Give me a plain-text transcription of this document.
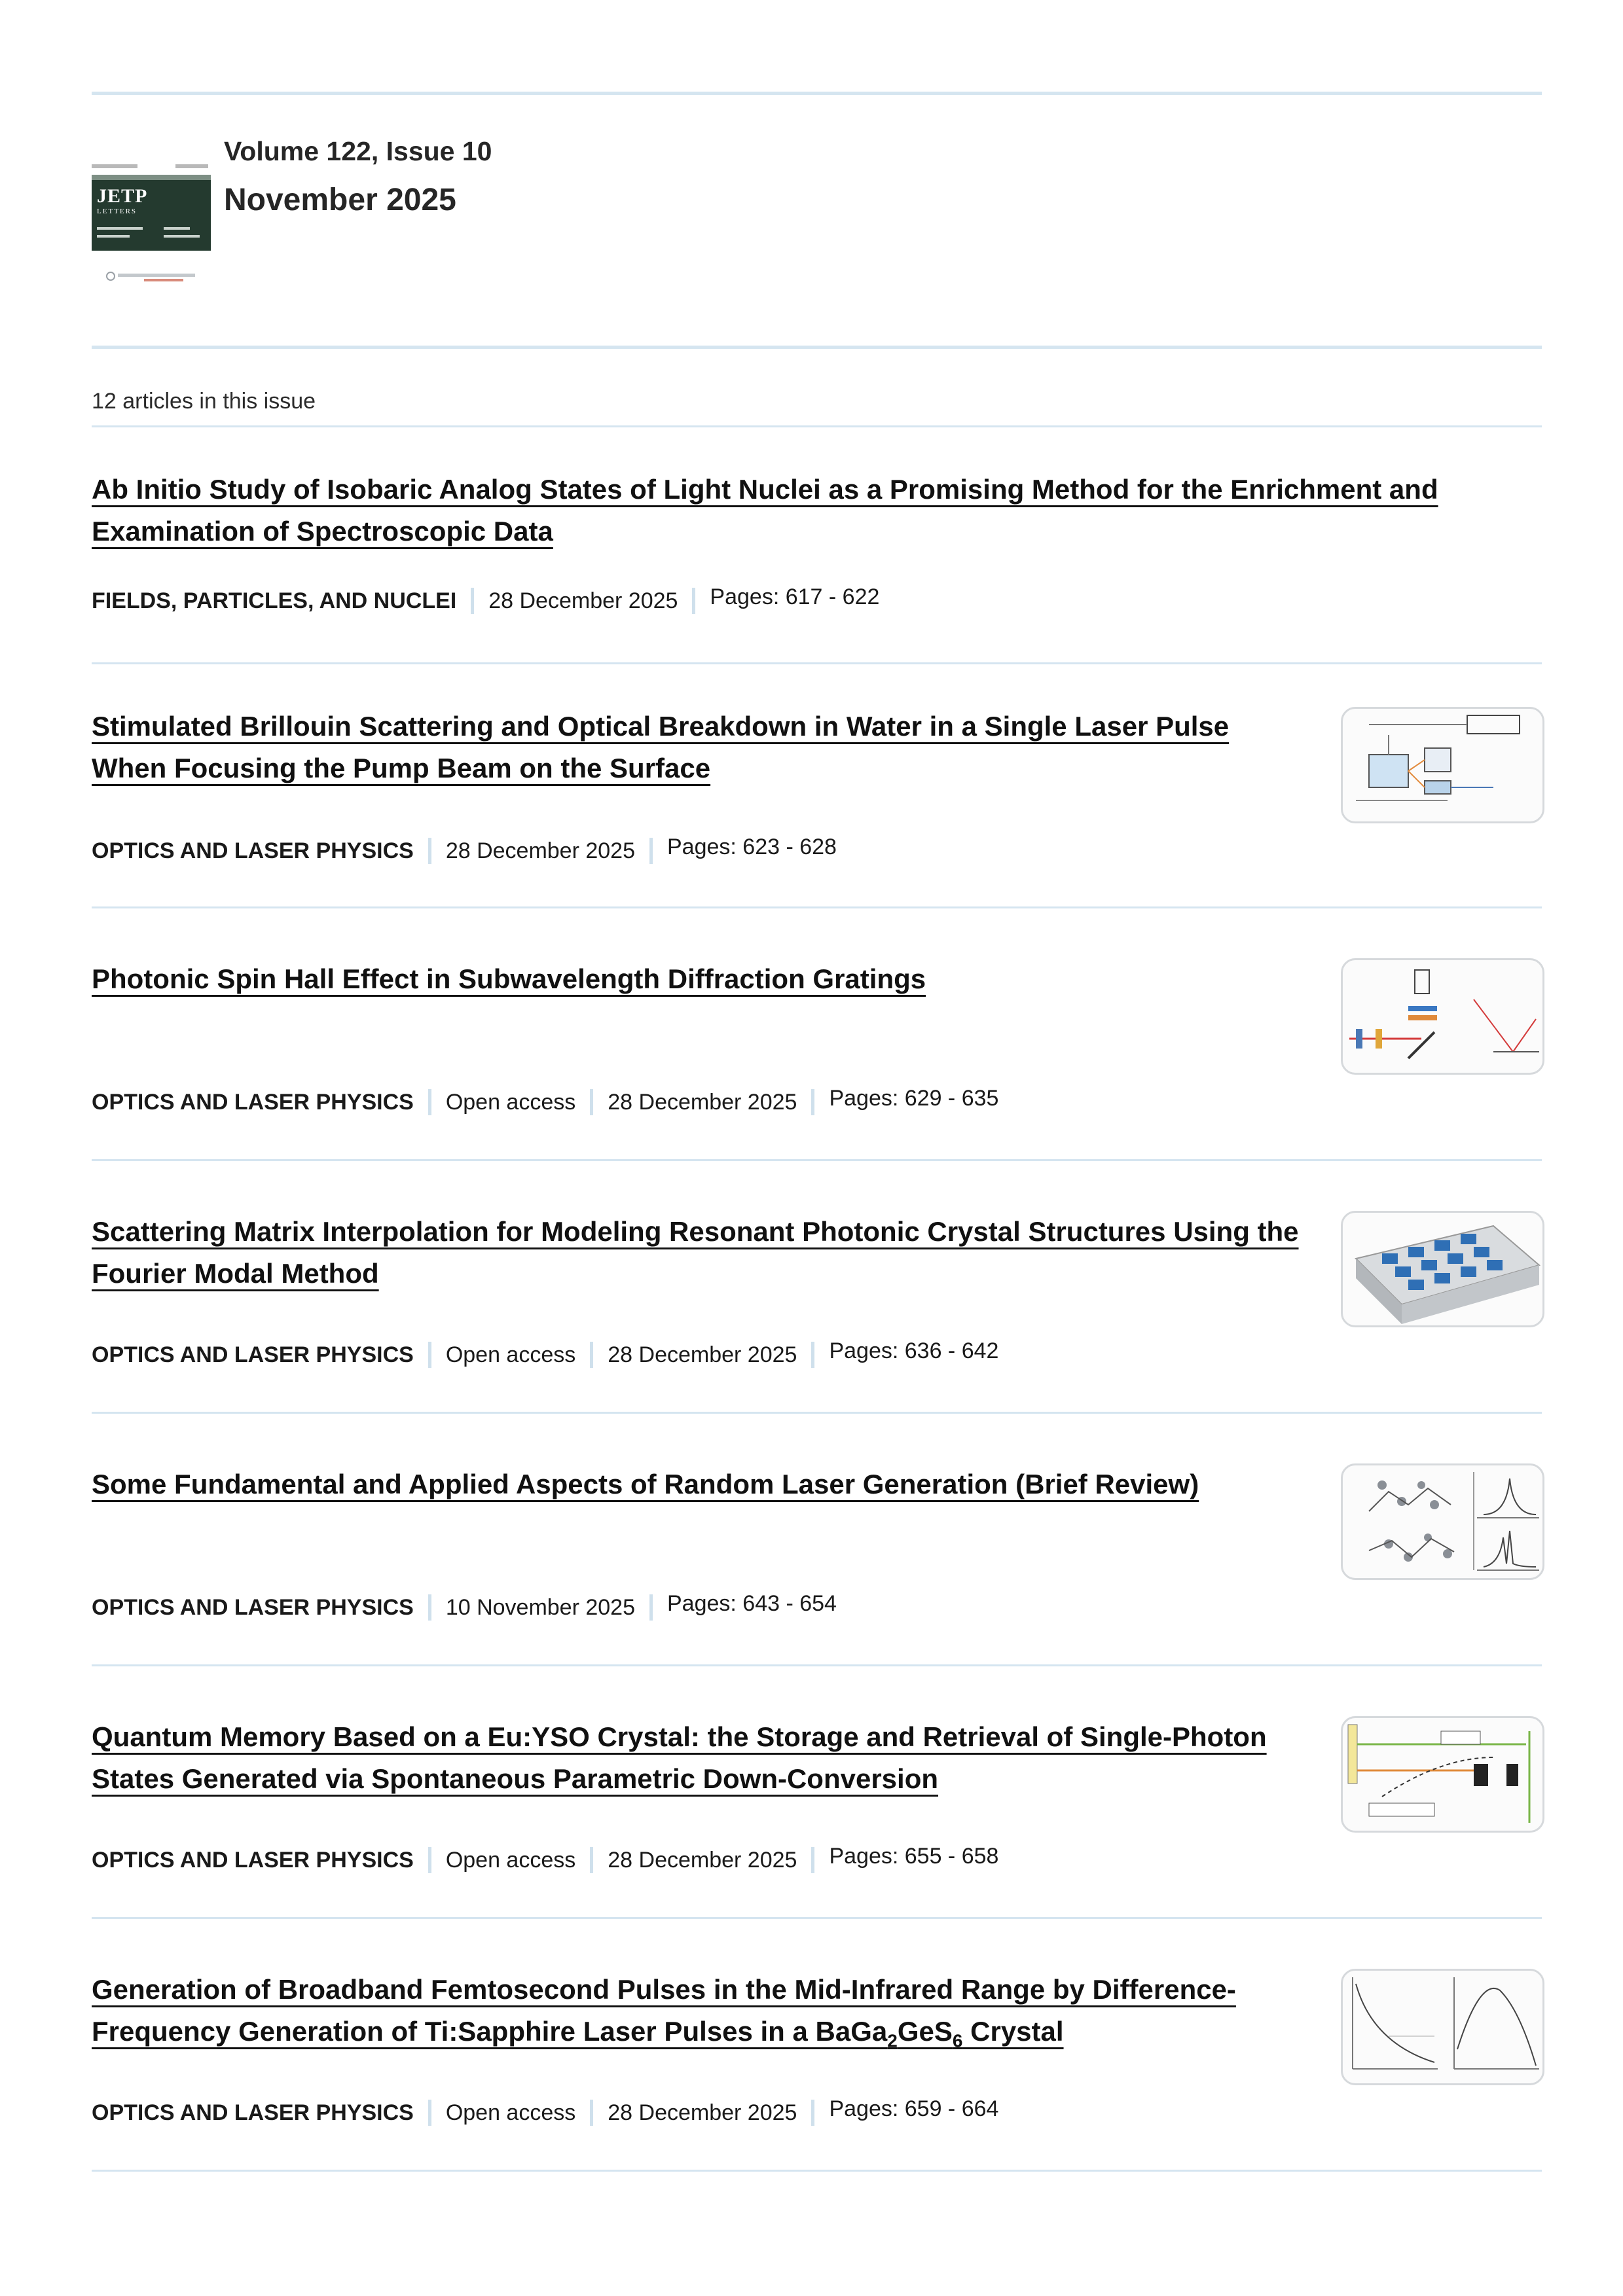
JETP
LETTERS
Volume 122, Issue 10
November 2025
12 articles in this issue
Ab Initio Study of Isobaric Analog States of Light Nuclei as a Promising Method for the Enrichment and Examination of Spectroscopic Data
FIELDS, PARTICLES, AND NUCLEI 28 December 2025 Pages: 617 - 622
Stimulated Brillouin Scattering and Optical Breakdown in Water in a Single Laser Pulse When Focusing the Pump Beam on the Surface
OPTICS AND LASER PHYSICS 28 December 2025 Pages: 623 - 628
Photonic Spin Hall Effect in Subwavelength Diffraction Gratings
OPTICS AND LASER PHYSICS Open access 28 December 2025 Pages: 629 - 635
Scattering Matrix Interpolation for Modeling Resonant Photonic Crystal Structures Using the Fourier Modal Method
OPTICS AND LASER PHYSICS Open access 28 December 2025 Pages: 636 - 642
Some Fundamental and Applied Aspects of Random Laser Generation (Brief Review)
OPTICS AND LASER PHYSICS 10 November 2025 Pages: 643 - 654
Quantum Memory Based on a Eu:YSO Crystal: the Storage and Retrieval of Single-Photon States Generated via Spontaneous Parametric Down-Conversion
OPTICS AND LASER PHYSICS Open access 28 December 2025 Pages: 655 - 658
Generation of Broadband Femtosecond Pulses in the Mid-Infrared Range by Difference-Frequency Generation of Ti:Sapphire Laser Pulses in a BaGa$_2$GeS$_6$ Crystal
OPTICS AND LASER PHYSICS Open access 28 December 2025 Pages: 659 - 664
